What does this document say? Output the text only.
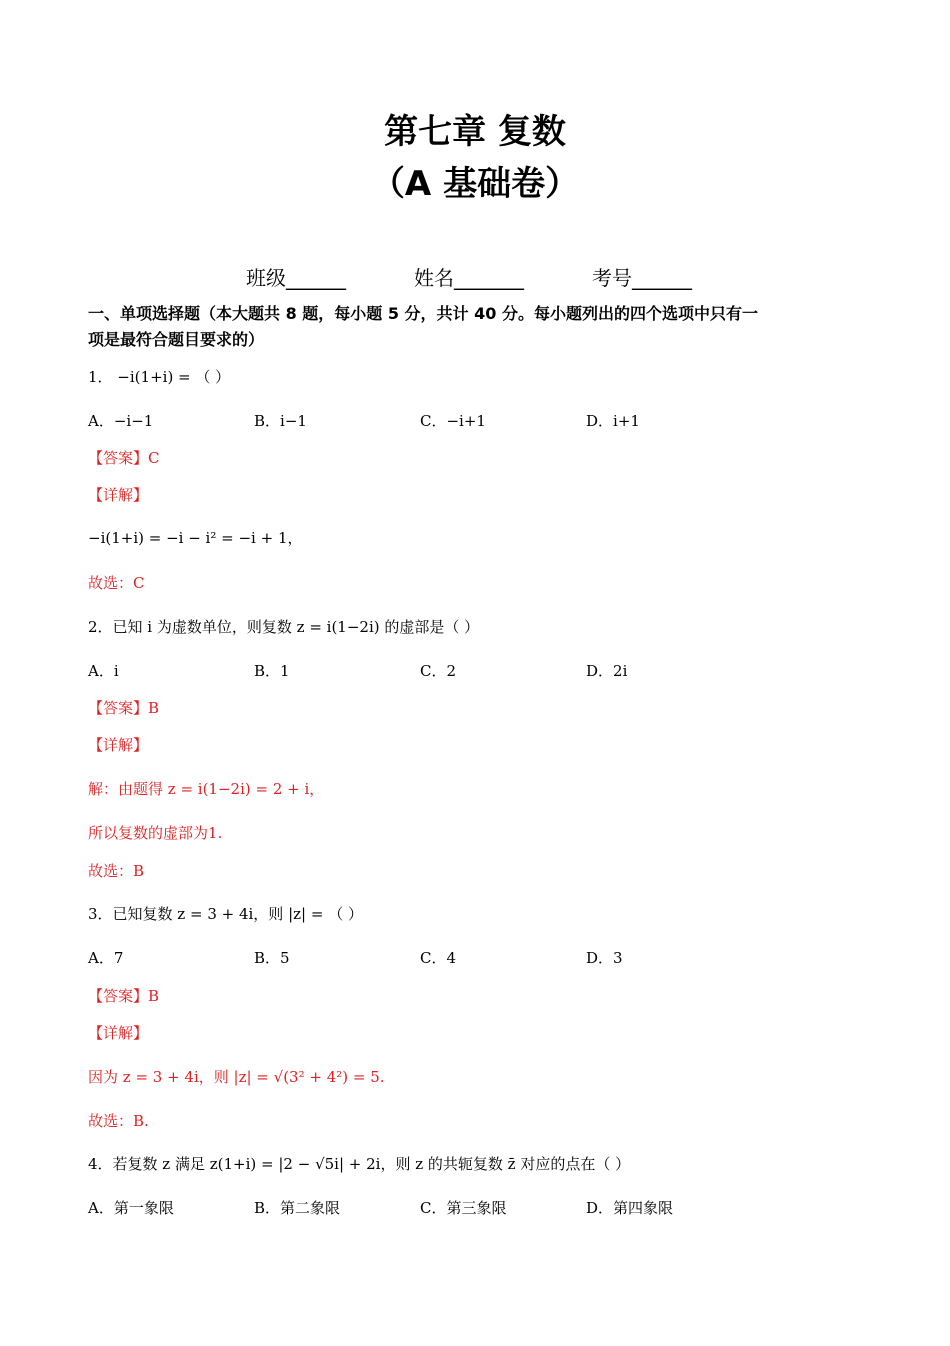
第七章 复数
（A 基础卷）
班级______	姓名_______	考号______
一、单项选择题（本大题共 8 题，每小题 5 分，共计 40 分。每小题列出的四个选项中只有一
项是最符合题目要求的）
1． −i(1+i) = （ ）
A．−i−1	B．i−1	C．−i+1	D．i+1
【答案】C
【详解】
−i(1+i) = −i − i² = −i + 1，
故选：C
2．已知 i 为虚数单位，则复数 z = i(1−2i) 的虚部是（ ）
A．i	B．1	C．2	D．2i
【答案】B
【详解】
解：由题得 z = i(1−2i) = 2 + i，
所以复数的虚部为1.
故选：B
3．已知复数 z = 3 + 4i，则 |z| = （ ）
A．7	B．5	C．4	D．3
【答案】B
【详解】
因为 z = 3 + 4i，则 |z| = √(3² + 4²) = 5.
故选：B.
4．若复数 z 满足 z(1+i) = |2 − √5i| + 2i，则 z 的共轭复数 z̄ 对应的点在（ ）
A．第一象限	B．第二象限	C．第三象限	D．第四象限
